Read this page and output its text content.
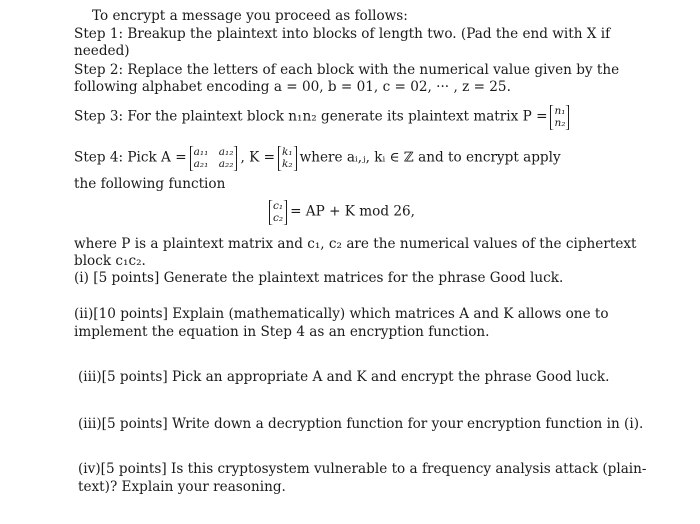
To encrypt a message you proceed as follows:
Step 1: Breakup the plaintext into blocks of length two. (Pad the end with X if
needed)
Step 2: Replace the letters of each block with the numerical value given by the
following alphabet encoding a = 00, b = 01, c = 02, ··· , z = 25.
Step 3: For the plaintext block n₁n₂ generate its plaintext matrix P = n₁
n₂
Step 4: Pick A = a₁₁  a₁₂
a₂₁  a₂₂ , K = k₁
k₂ where aᵢ,ⱼ, kᵢ ∈ ℤ and to encrypt apply
the following function
c₁
c₂ = AP + K mod 26,
where P is a plaintext matrix and c₁, c₂ are the numerical values of the ciphertext
block c₁c₂.
(i) [5 points] Generate the plaintext matrices for the phrase Good luck.
(ii)[10 points] Explain (mathematically) which matrices A and K allows one to
implement the equation in Step 4 as an encryption function.
(iii)[5 points] Pick an appropriate A and K and encrypt the phrase Good luck.
(iii)[5 points] Write down a decryption function for your encryption function in (i).
(iv)[5 points] Is this cryptosystem vulnerable to a frequency analysis attack (plain-
text)? Explain your reasoning.
